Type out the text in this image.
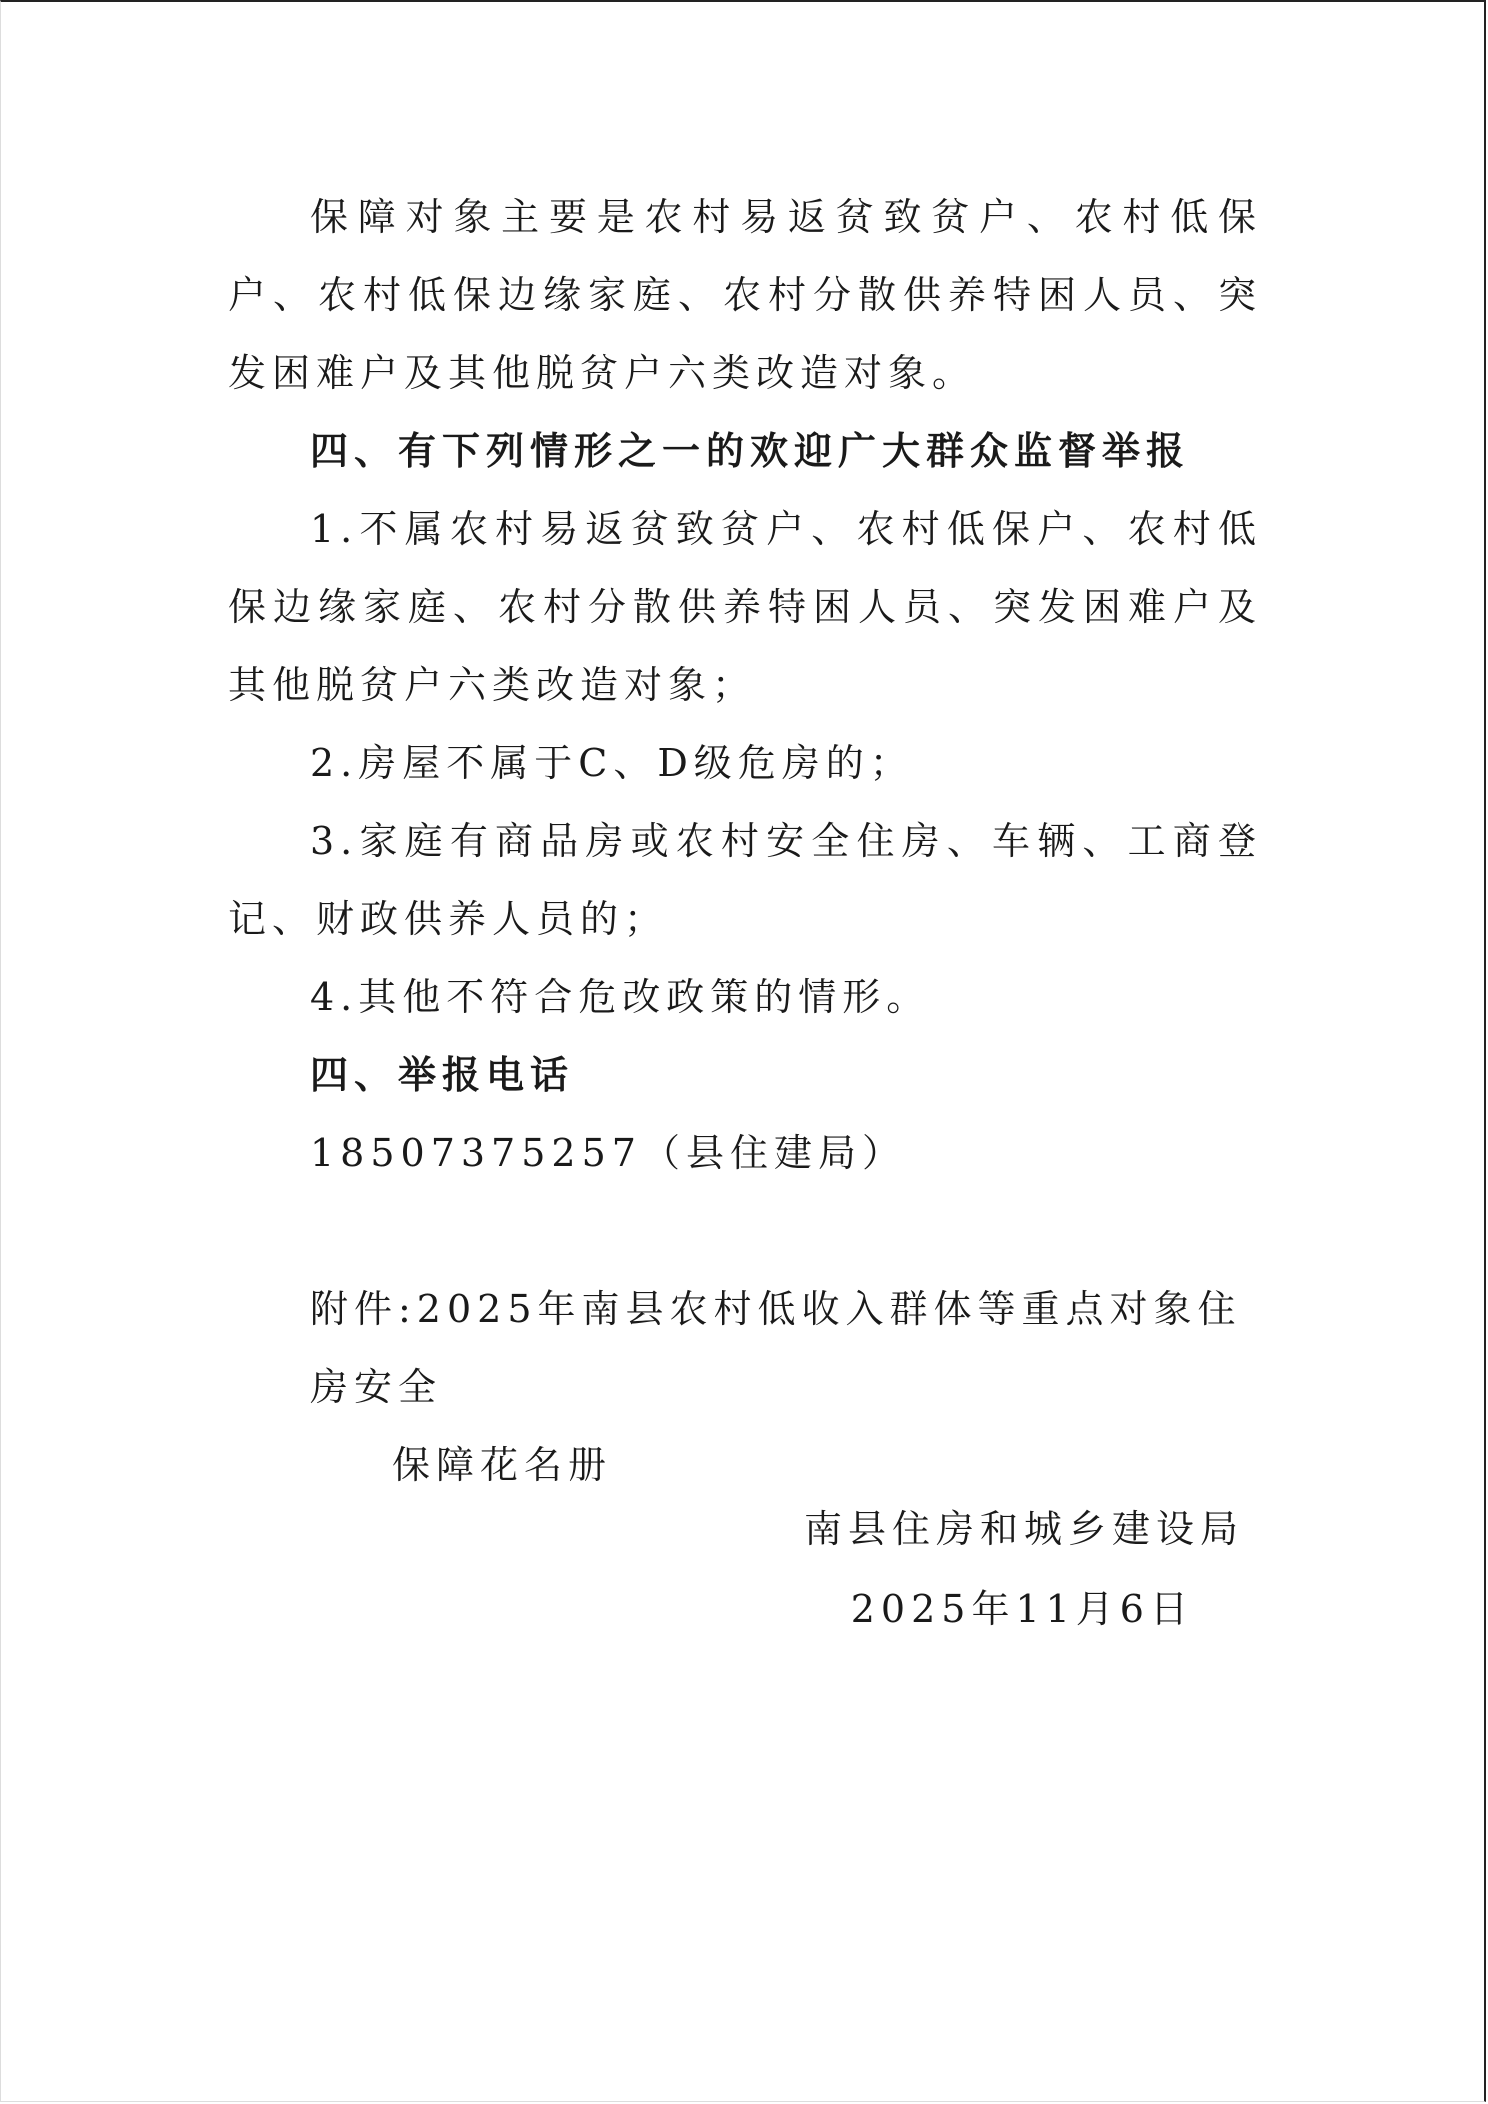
保障对象主要是农村易返贫致贫户、农村低保户、农村低保边缘家庭、农村分散供养特困人员、突发困难户及其他脱贫户六类改造对象。

四、有下列情形之一的欢迎广大群众监督举报

1.不属农村易返贫致贫户、农村低保户、农村低保边缘家庭、农村分散供养特困人员、突发困难户及其他脱贫户六类改造对象；

2.房屋不属于C、D级危房的；

3.家庭有商品房或农村安全住房、车辆、工商登记、财政供养人员的；

4.其他不符合危改政策的情形。

四、举报电话

18507375257（县住建局）

附件:2025年南县农村低收入群体等重点对象住房安全
保障花名册

南县住房和城乡建设局
2025年11月6日
